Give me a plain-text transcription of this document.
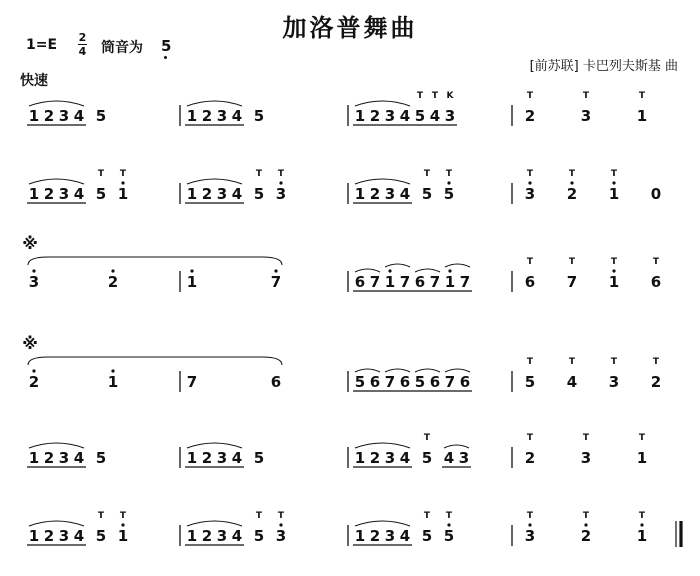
加洛普舞曲
1=E 2
4 筒音为 5
[前苏联] 卡巴列夫斯基 曲
快速
1 2 3 4 5	1 2 3 4 5	1 2 3 4 5
T
4
T
3
K
2
T
3
T
1
T
1 2 3 4 5
T
1
T
1 2 3 4 5
T
3
T
1 2 3 4 5
T
5
T
3
T
2
T
1
T
0
※
3	2	1	7	6 7 1 7 6 7 1 7	6
T
7
T
1
T
6
T
※
2	1	7	6	5 6 7 6 5 6 7 6	5
T
4
T
3
T
2
T
1 2 3 4 5	1 2 3 4 5	1 2 3 4 5
T
4 3	2
T
3
T
1
T
1 2 3 4 5
T
1
T
1 2 3 4 5
T
3
T
1 2 3 4 5
T
5
T
3
T
2
T
1
T
